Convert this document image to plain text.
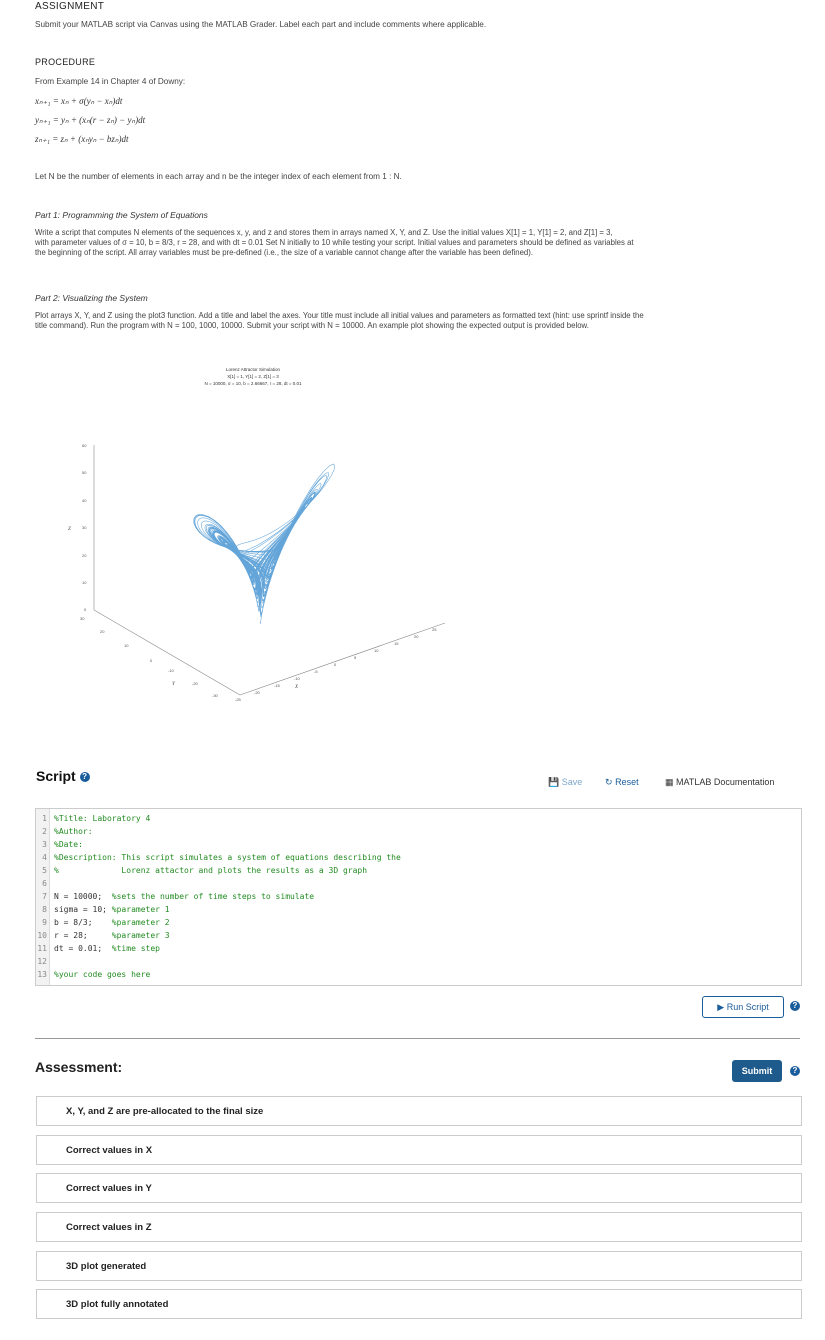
ASSIGNMENT
Submit your MATLAB script via Canvas using the MATLAB Grader. Label each part and include comments where applicable.
PROCEDURE
From Example 14 in Chapter 4 of Downy:
xₙ₊₁ = xₙ + σ(yₙ − xₙ)dt
yₙ₊₁ = yₙ + (xₙ(r − zₙ) − yₙ)dt
zₙ₊₁ = zₙ + (xₙyₙ − bzₙ)dt
Let N be the number of elements in each array and n be the integer index of each element from 1 : N.
Part 1: Programming the System of Equations
Write a script that computes N elements of the sequences x, y, and z and stores them in arrays named X, Y, and Z. Use the initial values X[1] = 1, Y[1] = 2, and Z[1] = 3,
with parameter values of σ = 10, b = 8/3, r = 28, and with dt = 0.01 Set N initially to 10 while testing your script. Initial values and parameters should be defined as variables at
the beginning of the script. All array variables must be pre-defined (i.e., the size of a variable cannot change after the variable has been defined).
Part 2: Visualizing the System
Plot arrays X, Y, and Z using the plot3 function. Add a title and label the axes. Your title must include all initial values and parameters as formatted text (hint: use sprintf inside the
title command). Run the program with N = 100, 1000, 10000. Submit your script with N = 10000. An example plot showing the expected output is provided below.
Lorenz Attractor Simulation
X[1] = 1, Y[1] = 2, Z[1] = 3
N = 10000, σ = 10, b = 2.66667, r = 28, dt = 0.01
60
50
40
30
20
10
0
Z
30
20
10
0
-10
-20
-30
Y
-25
-20
-15
-10
-5
0
5
10
15
20
25
X
Script ?
💾 Save	↻ Reset	▦ MATLAB Documentation
1 %Title: Laboratory 4
2 %Author:
3 %Date:
4 %Description: This script simulates a system of equations describing the
5 %             Lorenz attactor and plots the results as a 3D graph
6
7 N = 10000;  %sets the number of time steps to simulate
8 sigma = 10; %parameter 1
9 b = 8/3;    %parameter 2
10 r = 28;     %parameter 3
11 dt = 0.01;  %time step
12
13 %your code goes here
▶ Run Script	?
Assessment:	Submit	?
X, Y, and Z are pre-allocated to the final size
Correct values in X
Correct values in Y
Correct values in Z
3D plot generated
3D plot fully annotated
